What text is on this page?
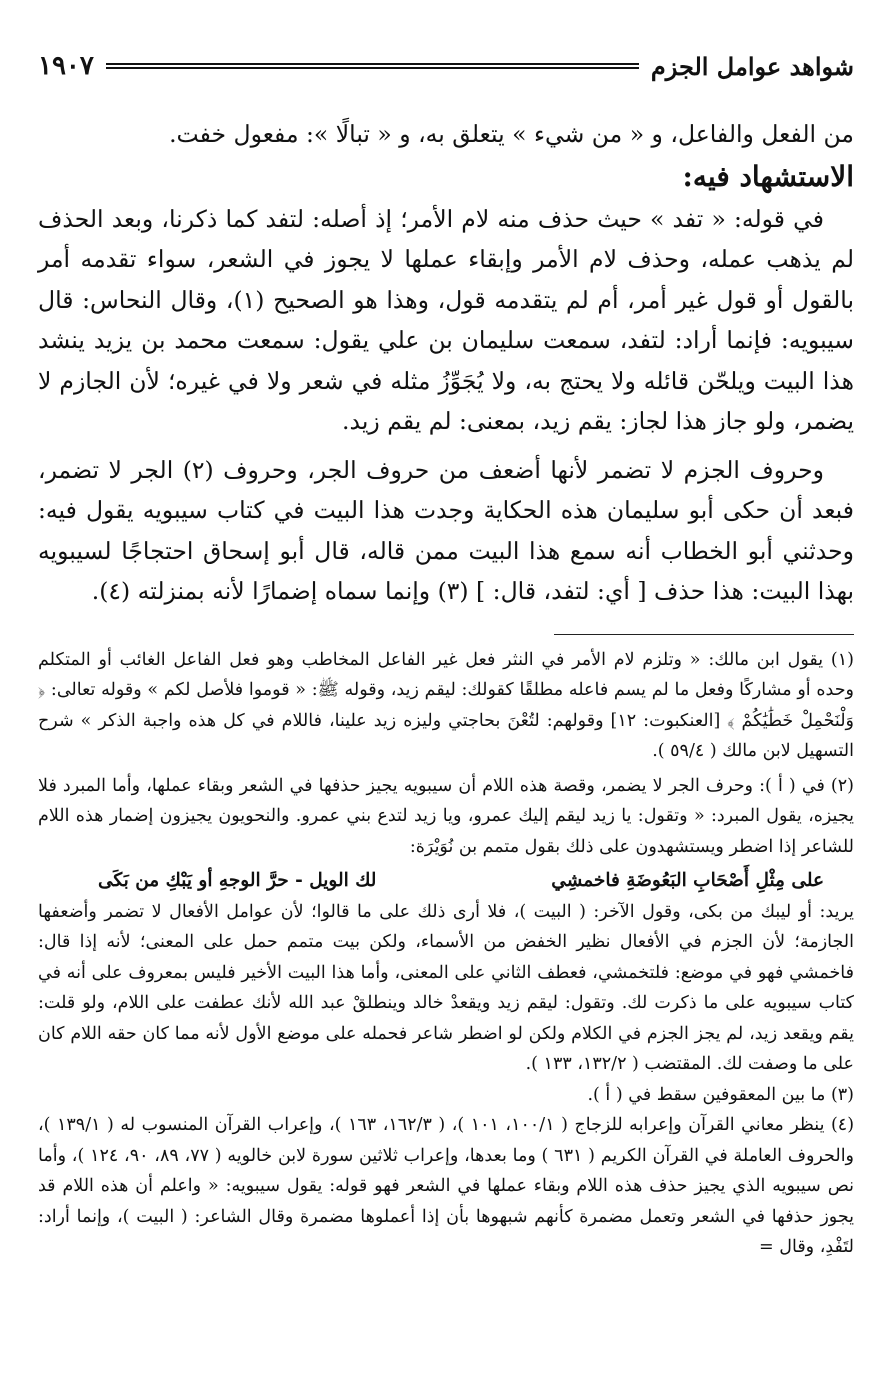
شواهد عوامل الجزم
١٩٠٧

من الفعل والفاعل، و « من شيء » يتعلق به، و « تبالًا »: مفعول خفت.

الاستشهاد فيه:

في قوله: « تفد » حيث حذف منه لام الأمر؛ إذ أصله: لتفد كما ذكرنا، وبعد الحذف لم يذهب عمله، وحذف لام الأمر وإبقاء عملها لا يجوز في الشعر، سواء تقدمه أمر بالقول أو قول غير أمر، أم لم يتقدمه قول، وهذا هو الصحيح (١)، وقال النحاس: قال سيبويه: فإنما أراد: لتفد، سمعت سليمان بن علي يقول: سمعت محمد بن يزيد ينشد هذا البيت ويلحّن قائله ولا يحتج به، ولا يُجَوِّزُ مثله في شعر ولا في غيره؛ لأن الجازم لا يضمر، ولو جاز هذا لجاز: يقم زيد، بمعنى: لم يقم زيد.

وحروف الجزم لا تضمر لأنها أضعف من حروف الجر، وحروف (٢) الجر لا تضمر، فبعد أن حكى أبو سليمان هذه الحكاية وجدت هذا البيت في كتاب سيبويه يقول فيه: وحدثني أبو الخطاب أنه سمع هذا البيت ممن قاله، قال أبو إسحاق احتجاجًا لسيبويه بهذا البيت: هذا حذف [ أي: لتفد، قال: ] (٣) وإنما سماه إضمارًا لأنه بمنزلته (٤).

(١) يقول ابن مالك: « وتلزم لام الأمر في النثر فعل غير الفاعل المخاطب وهو فعل الفاعل الغائب أو المتكلم وحده أو مشاركًا وفعل ما لم يسم فاعله مطلقًا كقولك: ليقم زيد، وقوله ﷺ: « قوموا فلأصل لكم » وقوله تعالى: ﴿ وَلْنَحْمِلْ خَطَٰيَٰكُمْ ﴾ [العنكبوت: ١٢] وقولهم: لتُعْنَ بحاجتي وليزه زيد علينا، فاللام في كل هذه واجبة الذكر » شرح التسهيل لابن مالك ( ٥٩/٤ ).

(٢) في ( أ ): وحرف الجر لا يضمر، وقصة هذه اللام أن سيبويه يجيز حذفها في الشعر وبقاء عملها، وأما المبرد فلا يجيزه، يقول المبرد: « وتقول: يا زيد ليقم إليك عمرو، ويا زيد لتدع بني عمرو. والنحويون يجيزون إضمار هذه اللام للشاعر إذا اضطر ويستشهدون على ذلك بقول متمم بن نُوَيْرَة:

على مِثْلِ أَصْحَابِ البَعُوضَةِ فاخمشِي
لك الويل - حرَّ الوجهِ أو يَبْكِ من بَكَى

يريد: أو ليبك من بكى، وقول الآخر: ( البيت )، فلا أرى ذلك على ما قالوا؛ لأن عوامل الأفعال لا تضمر وأضعفها الجازمة؛ لأن الجزم في الأفعال نظير الخفض من الأسماء، ولكن بيت متمم حمل على المعنى؛ لأنه إذا قال: فاخمشي فهو في موضع: فلتخمشي، فعطف الثاني على المعنى، وأما هذا البيت الأخير فليس بمعروف على أنه في كتاب سيبويه على ما ذكرت لك. وتقول: ليقم زيد ويقعدْ خالد وينطلقْ عبد الله لأنك عطفت على اللام، ولو قلت: يقم ويقعد زيد، لم يجز الجزم في الكلام ولكن لو اضطر شاعر فحمله على موضع الأول لأنه مما كان حقه اللام كان على ما وصفت لك. المقتضب ( ١٣٢/٢، ١٣٣ ).

(٣) ما بين المعقوفين سقط في ( أ ).

(٤) ينظر معاني القرآن وإعرابه للزجاج ( ١٠٠/١، ١٠١ )، ( ١٦٢/٣، ١٦٣ )، وإعراب القرآن المنسوب له ( ١٣٩/١ )، والحروف العاملة في القرآن الكريم ( ٦٣١ ) وما بعدها، وإعراب ثلاثين سورة لابن خالويه ( ٧٧، ٨٩، ٩٠، ١٢٤ )، وأما نص سيبويه الذي يجيز حذف هذه اللام وبقاء عملها في الشعر فهو قوله: يقول سيبويه: « واعلم أن هذه اللام قد يجوز حذفها في الشعر وتعمل مضمرة كأنهم شبهوها بأن إذا أعملوها مضمرة وقال الشاعر: ( البيت )، وإنما أراد: لتَفْدِ، وقال =
